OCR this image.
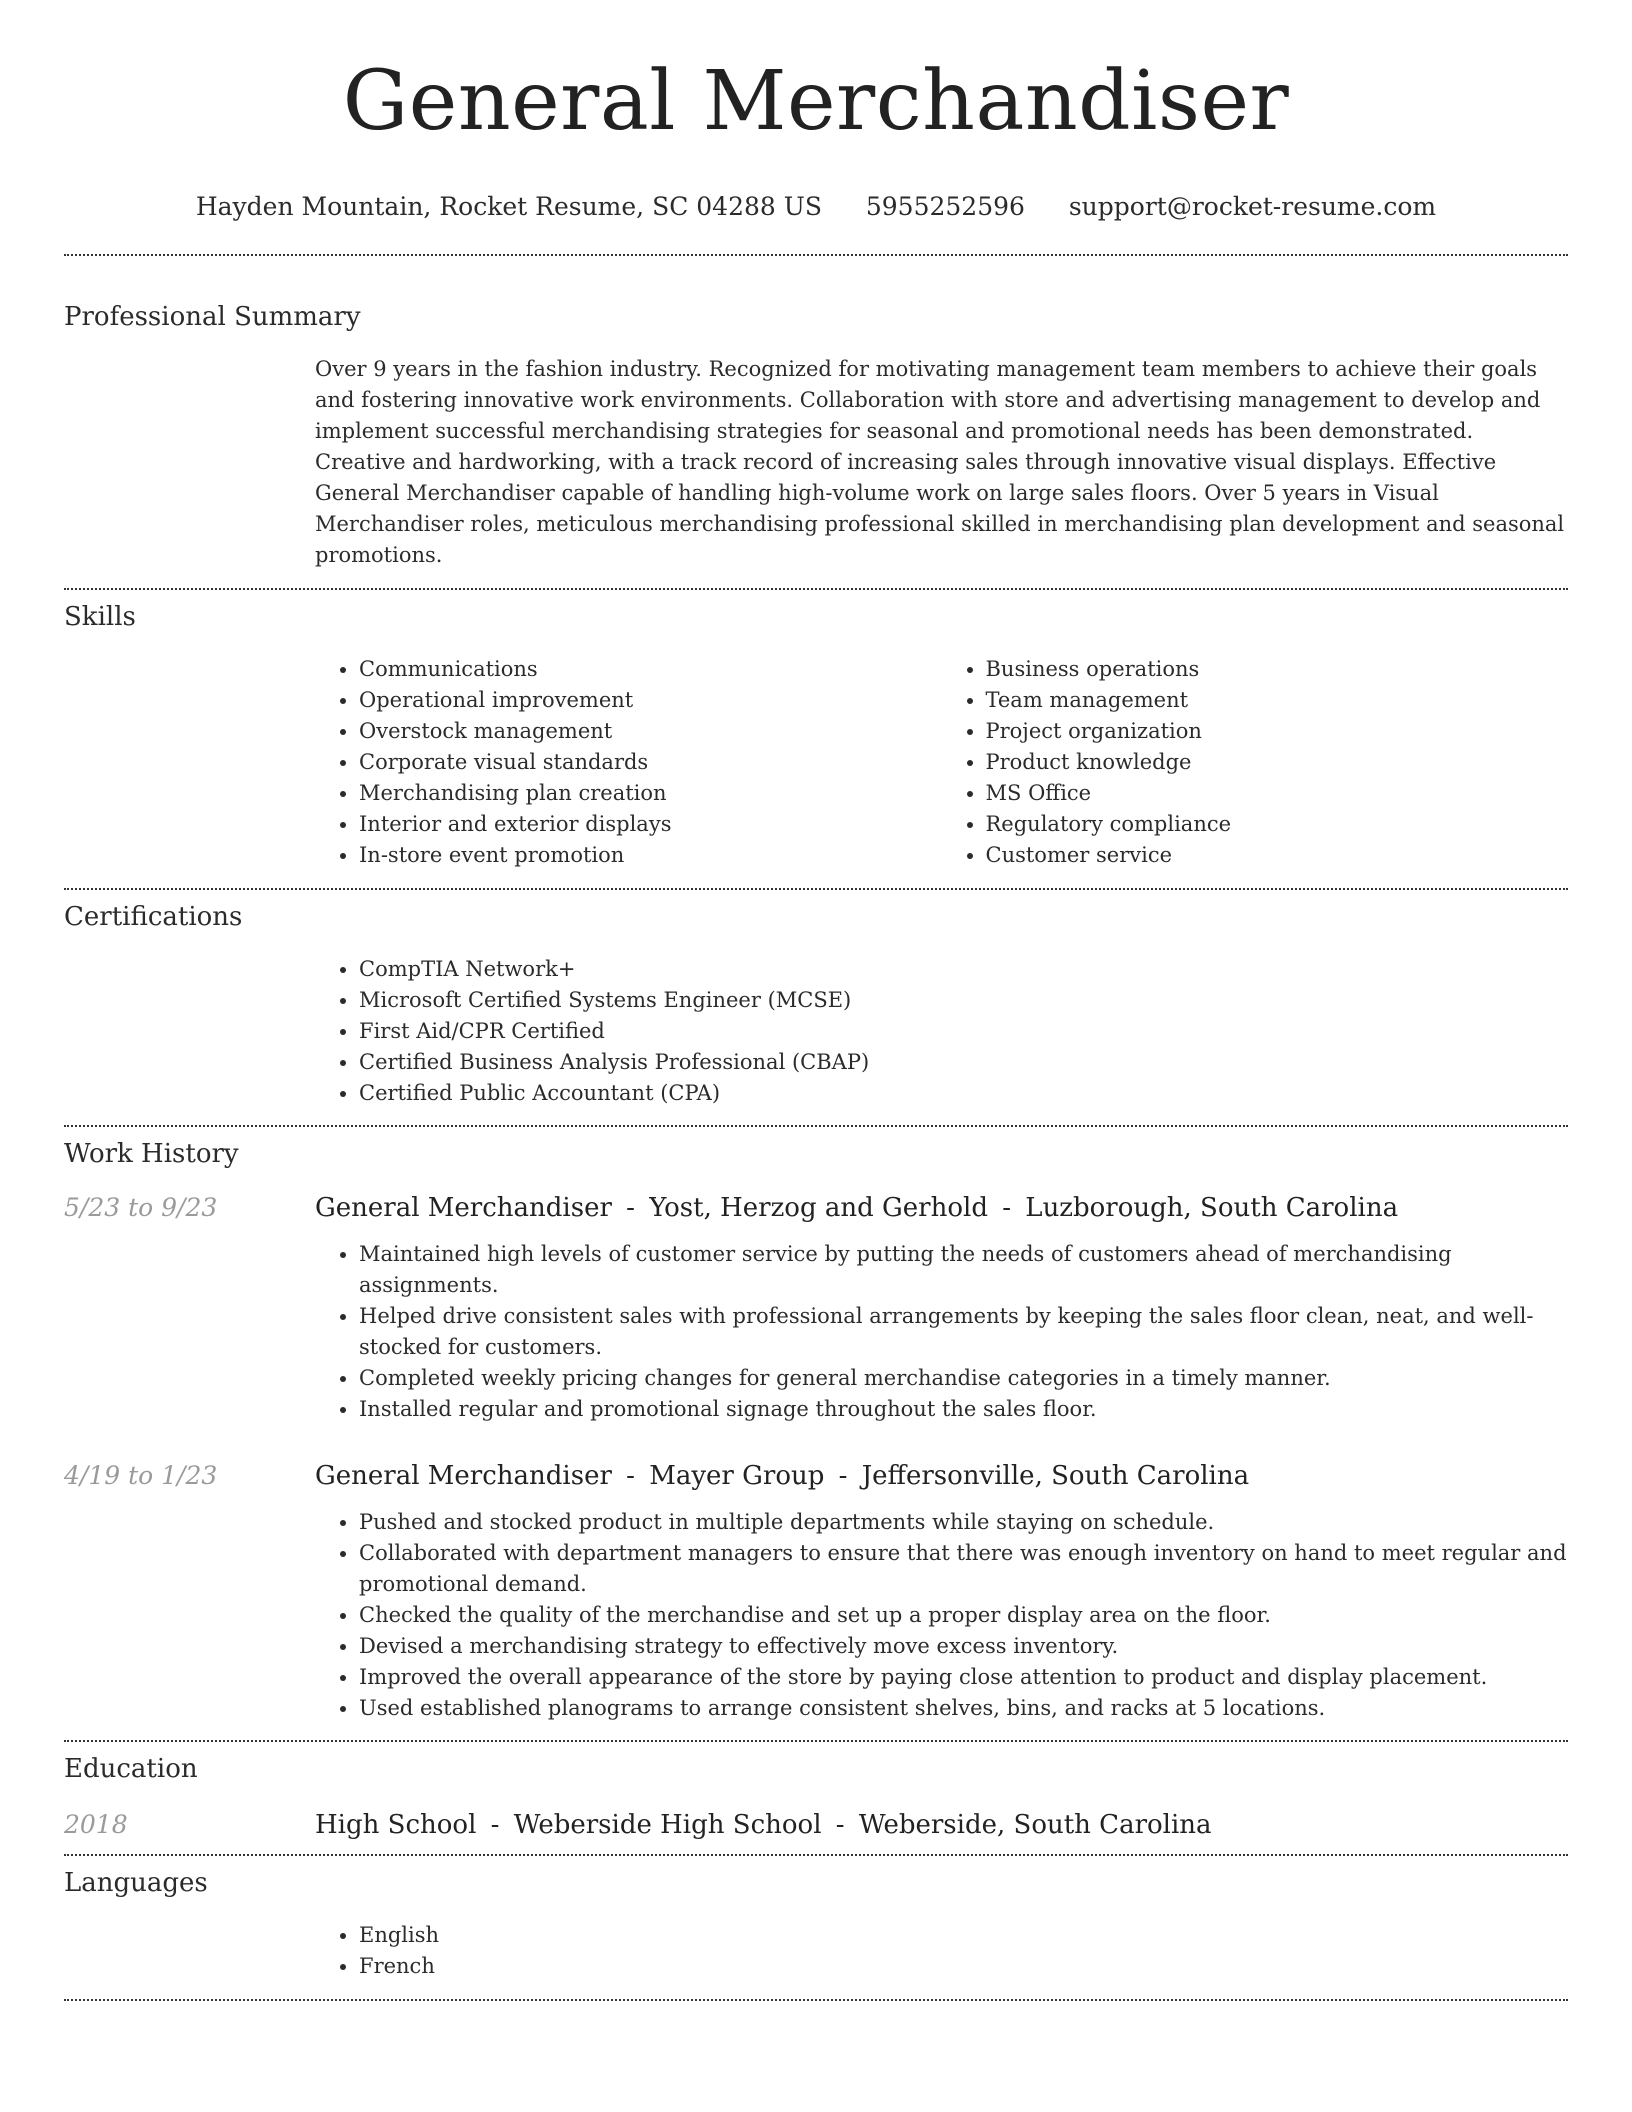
General Merchandiser
Hayden Mountain, Rocket Resume, SC 04288 US 5955252596 support@rocket-resume.com
Professional Summary

Over 9 years in the fashion industry. Recognized for motivating management team members to achieve their goals and fostering innovative work environments. Collaboration with store and advertising management to develop and implement successful merchandising strategies for seasonal and promotional needs has been demonstrated. Creative and hardworking, with a track record of increasing sales through innovative visual displays. Effective General Merchandiser capable of handling high-volume work on large sales floors. Over 5 years in Visual Merchandiser roles, meticulous merchandising professional skilled in merchandising plan development and seasonal promotions.

Skills
• Communications
• Operational improvement
• Overstock management
• Corporate visual standards
• Merchandising plan creation
• Interior and exterior displays
• In-store event promotion
• Business operations
• Team management
• Project organization
• Product knowledge
• MS Office
• Regulatory compliance
• Customer service
Certifications
• CompTIA Network+
• Microsoft Certified Systems Engineer (MCSE)
• First Aid/CPR Certified
• Certified Business Analysis Professional (CBAP)
• Certified Public Accountant (CPA)
Work History
5/23 to 9/23	General Merchandiser - Yost, Herzog and Gerhold - Luzborough, South Carolina
• Maintained high levels of customer service by putting the needs of customers ahead of merchandising assignments.
• Helped drive consistent sales with professional arrangements by keeping the sales floor clean, neat, and well-stocked for customers.
• Completed weekly pricing changes for general merchandise categories in a timely manner.
• Installed regular and promotional signage throughout the sales floor.
4/19 to 1/23	General Merchandiser - Mayer Group - Jeffersonville, South Carolina
• Pushed and stocked product in multiple departments while staying on schedule.
• Collaborated with department managers to ensure that there was enough inventory on hand to meet regular and promotional demand.
• Checked the quality of the merchandise and set up a proper display area on the floor.
• Devised a merchandising strategy to effectively move excess inventory.
• Improved the overall appearance of the store by paying close attention to product and display placement.
• Used established planograms to arrange consistent shelves, bins, and racks at 5 locations.
Education
2018	High School - Weberside High School - Weberside, South Carolina
Languages
• English
• French
